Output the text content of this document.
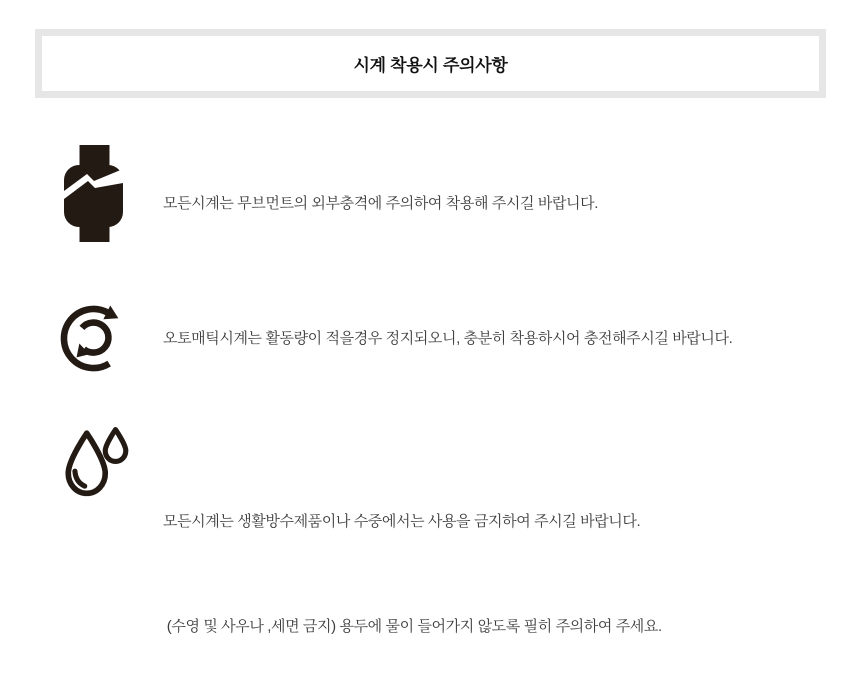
시계 착용시 주의사항
모든시계는 무브먼트의 외부충격에 주의하여 착용해 주시길 바랍니다.
오토매틱시계는 활동량이 적을경우 정지되오니, 충분히 착용하시어 충전해주시길 바랍니다.

모든시계는 생활방수제품이나 수중에서는 사용을 금지하여 주시길 바랍니다.

(수영 및 사우나 ,세면 금지) 용두에 물이 들어가지 않도록 필히 주의하여 주세요.
